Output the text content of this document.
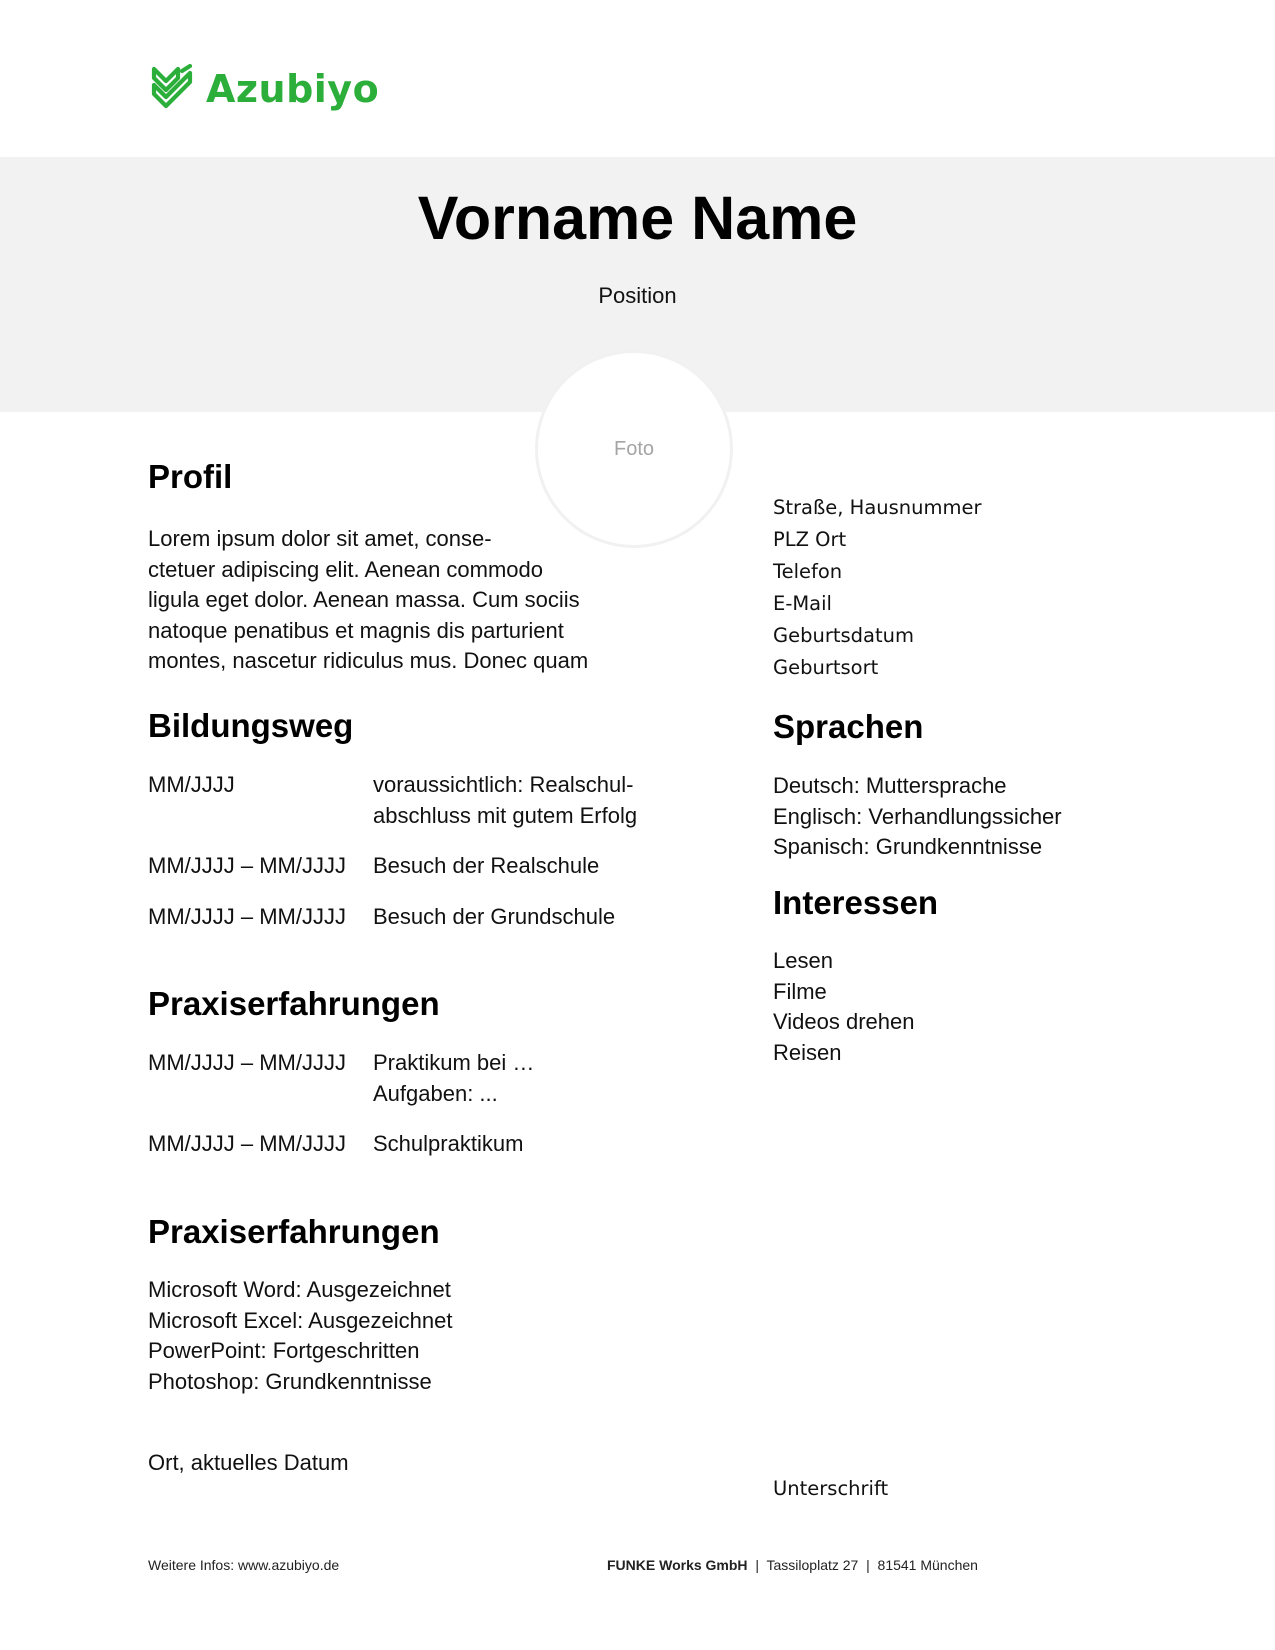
Azubiyo
Vorname Name
Position
Foto
Profil
Lorem ipsum dolor sit amet, conse-
ctetuer adipiscing elit. Aenean commodo
ligula eget dolor. Aenean massa. Cum sociis
natoque penatibus et magnis dis parturient
montes, nascetur ridiculus mus. Donec quam
Bildungsweg
MM/JJJJ	voraussichtlich: Realschul-
abschluss mit gutem Erfolg
MM/JJJJ – MM/JJJJ Besuch der Realschule
MM/JJJJ – MM/JJJJ Besuch der Grundschule
Praxiserfahrungen
MM/JJJJ – MM/JJJJ Praktikum bei …
Aufgaben: ...
MM/JJJJ – MM/JJJJ Schulpraktikum
Praxiserfahrungen
Microsoft Word: Ausgezeichnet
Microsoft Excel: Ausgezeichnet
PowerPoint: Fortgeschritten
Photoshop: Grundkenntnisse
Straße, Hausnummer
PLZ Ort
Telefon
E-Mail
Geburtsdatum
Geburtsort
Sprachen
Deutsch: Muttersprache
Englisch: Verhandlungssicher
Spanisch: Grundkenntnisse
Interessen
Lesen
Filme
Videos drehen
Reisen
Ort, aktuelles Datum
Unterschrift
Weitere Infos: www.azubiyo.de	FUNKE Works GmbH | Tassiloplatz 27 | 81541 München
